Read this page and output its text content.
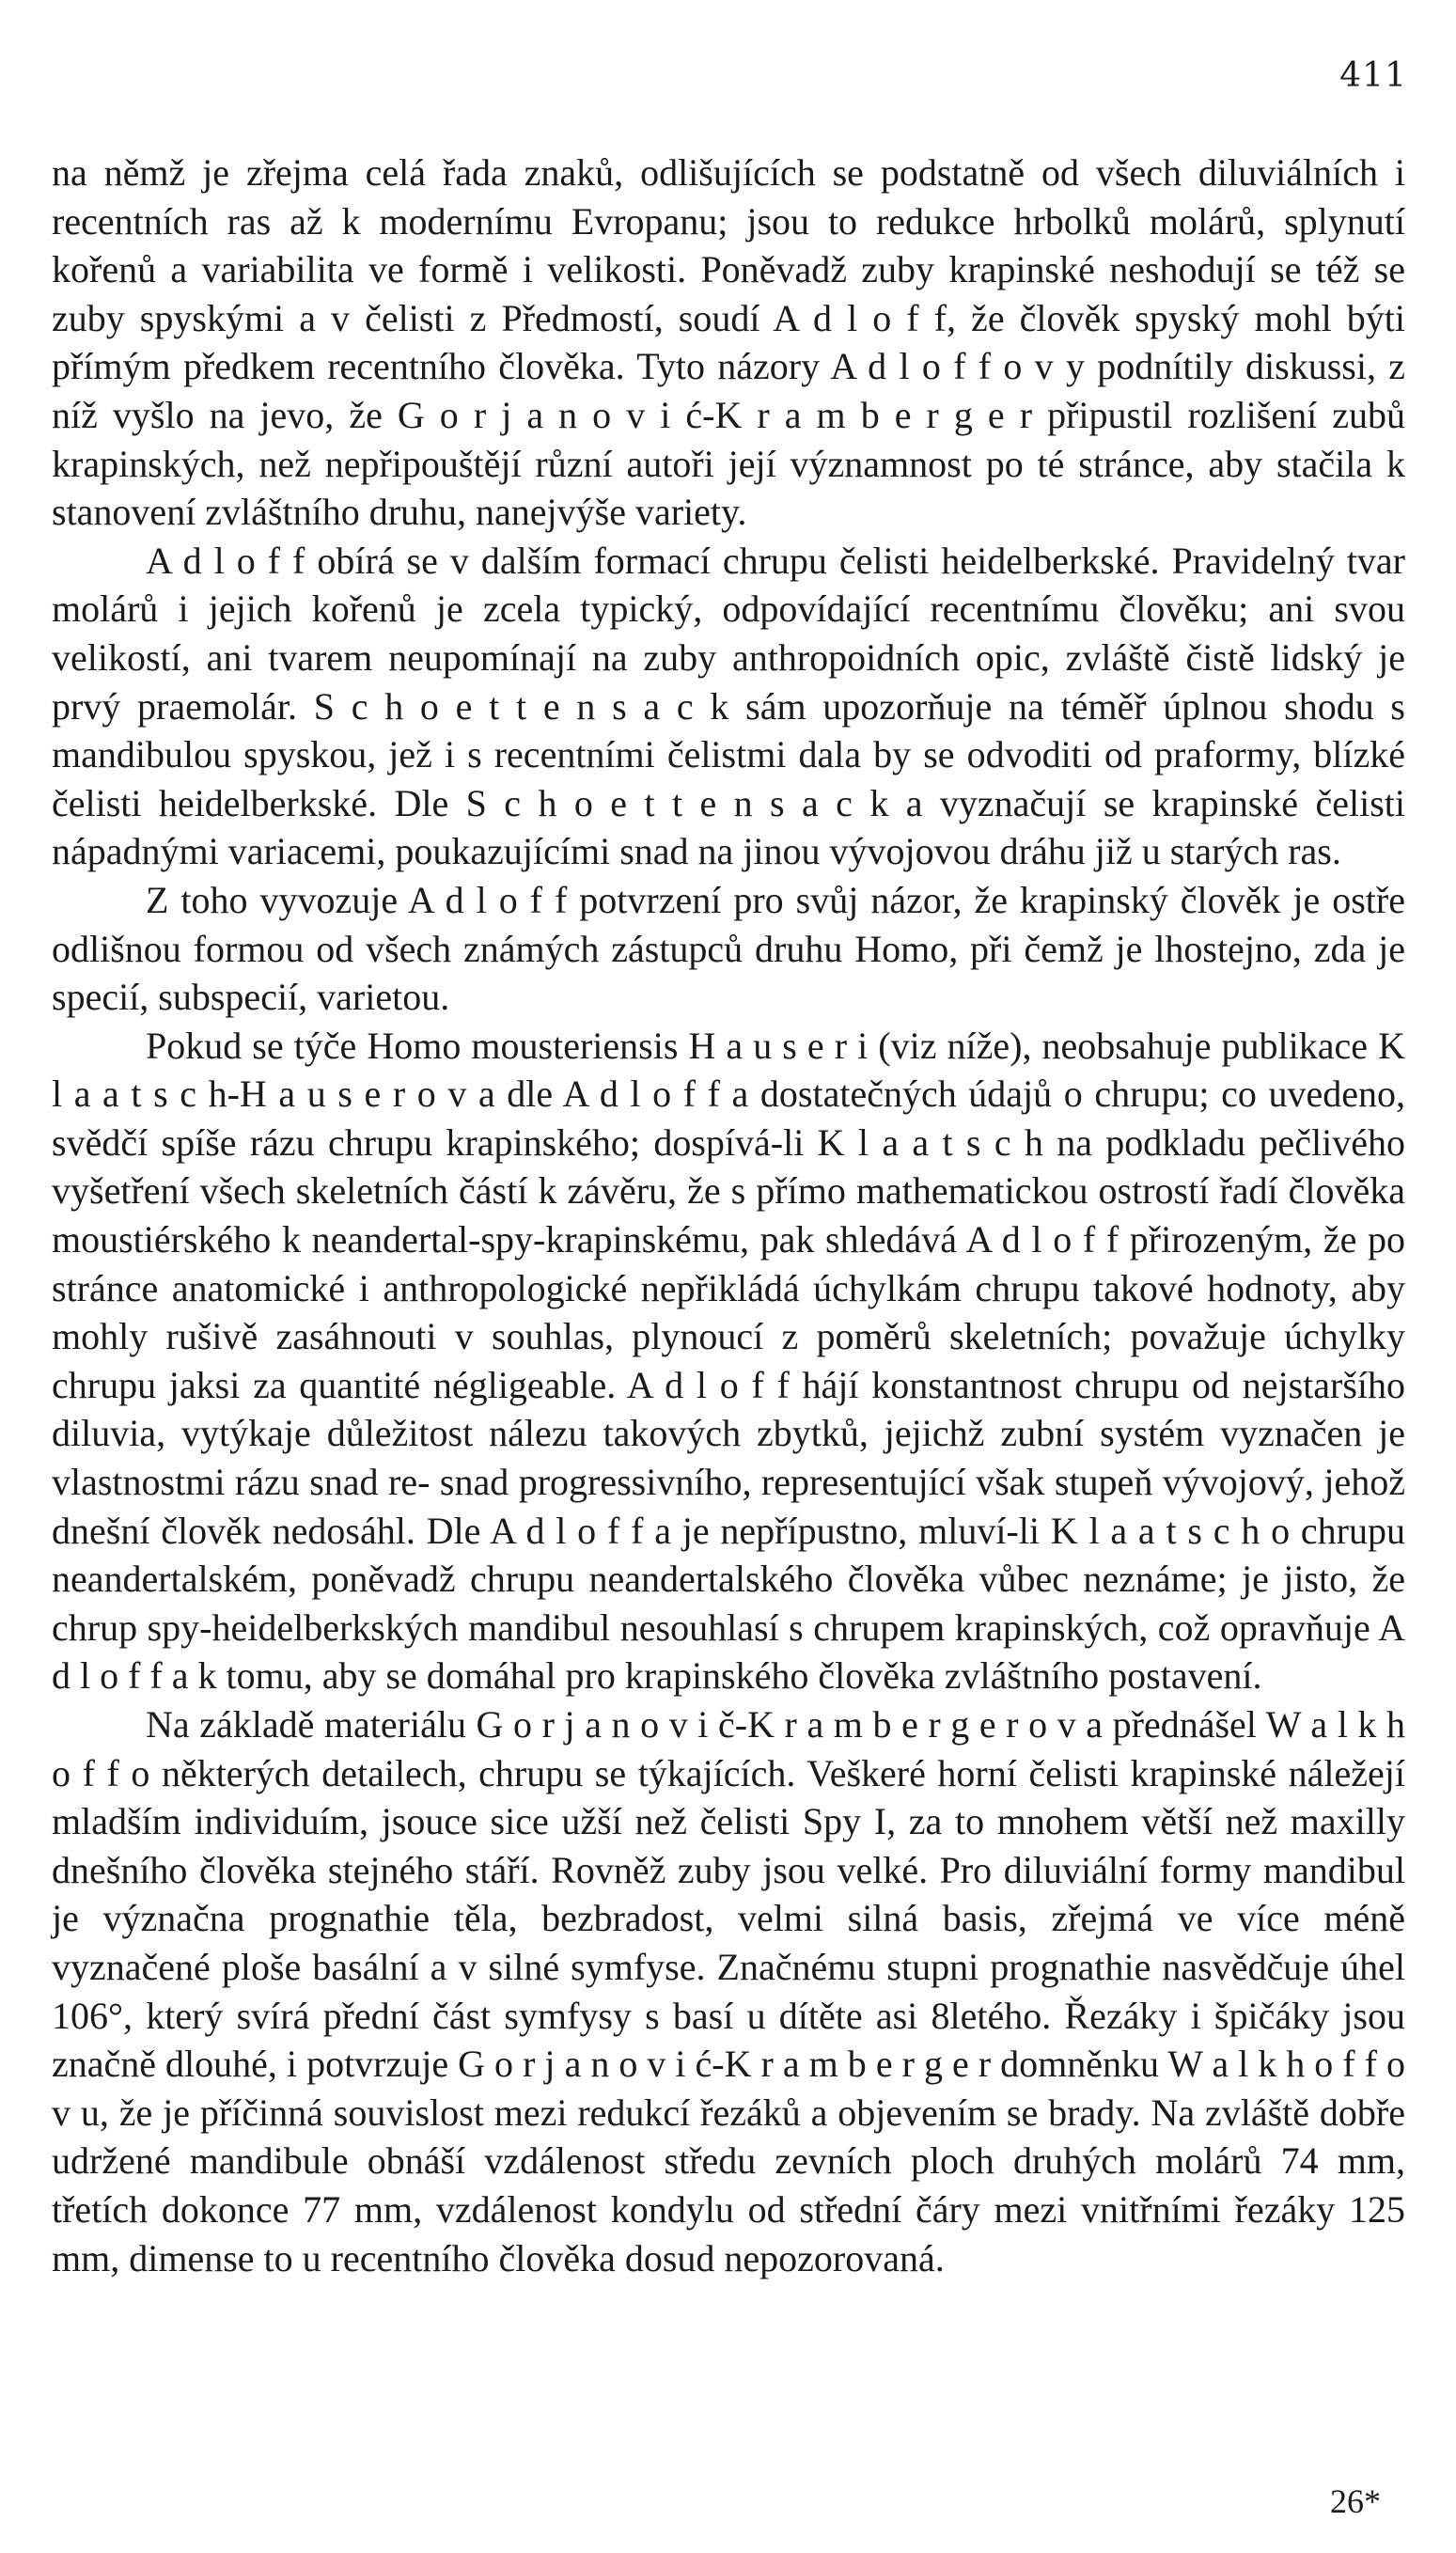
411

na němž je zřejma celá řada znaků, odlišujících se podstatně od všech diluviálních i recentních ras až k modernímu Evropanu; jsou to redukce hrbolků molárů, splynutí kořenů a variabilita ve formě i velikosti. Poněvadž zuby krapinské neshodují se též se zuby spyskými a v čelisti z Předmostí, soudí A d l o f f, že člověk spyský mohl býti přímým předkem recentního člověka. Tyto názory A d l o f f o v y podnítily diskussi, z níž vyšlo na jevo, že G o r j a n o v i ć-K r a m b e r g e r připustil rozlišení zubů krapinských, než nepřipouštějí různí autoři její významnost po té stránce, aby stačila k stanovení zvláštního druhu, nanejvýše variety.

A d l o f f obírá se v dalším formací chrupu čelisti heidelberkské. Pravidelný tvar molárů i jejich kořenů je zcela typický, odpovídající recentnímu člověku; ani svou velikostí, ani tvarem neupomínají na zuby anthropoidních opic, zvláště čistě lidský je prvý praemolár. S c h o e t t e n s a c k sám upozorňuje na téměř úplnou shodu s mandibulou spyskou, jež i s recentními čelistmi dala by se odvoditi od praformy, blízké čelisti heidelberkské. Dle S c h o e t t e n s a c k a vyznačují se krapinské čelisti nápadnými variacemi, poukazujícími snad na jinou vývojovou dráhu již u starých ras.

Z toho vyvozuje A d l o f f potvrzení pro svůj názor, že krapinský člověk je ostře odlišnou formou od všech známých zástupců druhu Homo, při čemž je lhostejno, zda je specií, subspecií, varietou.

Pokud se týče Homo mousteriensis H a u s e r i (viz níže), neobsahuje publikace K l a a t s c h-H a u s e r o v a dle A d l o f f a dostatečných údajů o chrupu; co uvedeno, svědčí spíše rázu chrupu krapinského; dospívá-li K l a a t s c h na podkladu pečlivého vyšetření všech skeletních částí k závěru, že s přímo mathematickou ostrostí řadí člověka moustiérského k neandertal-spy-krapinskému, pak shledává A d l o f f přirozeným, že po stránce anatomické i anthropologické nepřikládá úchylkám chrupu takové hodnoty, aby mohly rušivě zasáhnouti v souhlas, plynoucí z poměrů skeletních; považuje úchylky chrupu jaksi za quantité négligeable. A d l o f f hájí konstantnost chrupu od nejstaršího diluvia, vytýkaje důležitost nálezu takových zbytků, jejichž zubní systém vyznačen je vlastnostmi rázu snad re- snad progressivního, representující však stupeň vývojový, jehož dnešní člověk nedosáhl. Dle A d l o f f a je nepřípustno, mluví-li K l a a t s c h o chrupu neandertalském, poněvadž chrupu neandertalského člověka vůbec neznáme; je jisto, že chrup spy-heidelberkských mandibul nesouhlasí s chrupem krapinských, což opravňuje A d l o f f a k tomu, aby se domáhal pro krapinského člověka zvláštního postavení.

Na základě materiálu G o r j a n o v i č-K r a m b e r g e r o v a přednášel W a l k h o f f o některých detailech, chrupu se týkajících. Veškeré horní čelisti krapinské náležejí mladším individuím, jsouce sice užší než čelisti Spy I, za to mnohem větší než maxilly dnešního člověka stejného stáří. Rovněž zuby jsou velké. Pro diluviální formy mandibul je význačna prognathie těla, bezbradost, velmi silná basis, zřejmá ve více méně vyznačené ploše basální a v silné symfyse. Značnému stupni prognathie nasvědčuje úhel 106°, který svírá přední část symfysy s basí u dítěte asi 8letého. Řezáky i špičáky jsou značně dlouhé, i potvrzuje G o r j a n o v i ć-K r a m b e r g e r domněnku W a l k h o f f o v u, že je příčinná souvislost mezi redukcí řezáků a objevením se brady. Na zvláště dobře udržené mandibule obnáší vzdálenost středu zevních ploch druhých molárů 74 mm, třetích dokonce 77 mm, vzdálenost kondylu od střední čáry mezi vnitřními řezáky 125 mm, dimense to u recentního člověka dosud nepozorovaná.

26*
